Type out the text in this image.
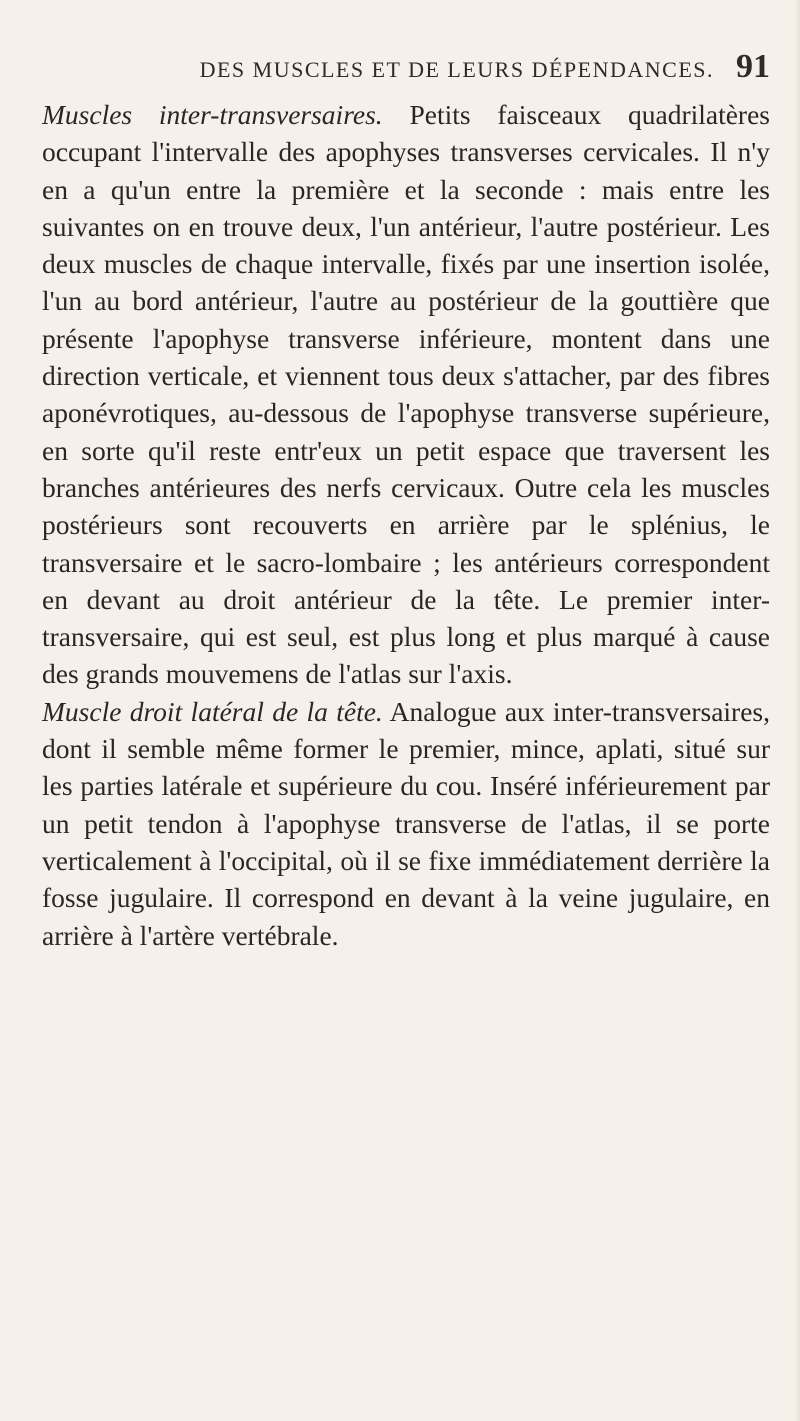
DES MUSCLES ET DE LEURS DÉPENDANCES. 91

Muscles inter-transversaires. Petits faisceaux quadrilatères occupant l'intervalle des apophyses transverses cervicales. Il n'y en a qu'un entre la première et la seconde : mais entre les suivantes on en trouve deux, l'un antérieur, l'autre postérieur. Les deux muscles de chaque intervalle, fixés par une insertion isolée, l'un au bord antérieur, l'autre au postérieur de la gouttière que présente l'apophyse transverse inférieure, montent dans une direction verticale, et viennent tous deux s'attacher, par des fibres aponévrotiques, au-dessous de l'apophyse transverse supérieure, en sorte qu'il reste entr'eux un petit espace que traversent les branches antérieures des nerfs cervicaux. Outre cela les muscles postérieurs sont recouverts en arrière par le splénius, le transversaire et le sacro-lombaire ; les antérieurs correspondent en devant au droit antérieur de la tête. Le premier inter-transversaire, qui est seul, est plus long et plus marqué à cause des grands mouvemens de l'atlas sur l'axis.

Muscle droit latéral de la tête. Analogue aux inter-transversaires, dont il semble même former le premier, mince, aplati, situé sur les parties latérale et supérieure du cou. Inséré inférieurement par un petit tendon à l'apophyse transverse de l'atlas, il se porte verticalement à l'occipital, où il se fixe immédiatement derrière la fosse jugulaire. Il correspond en devant à la veine jugulaire, en arrière à l'artère vertébrale.
